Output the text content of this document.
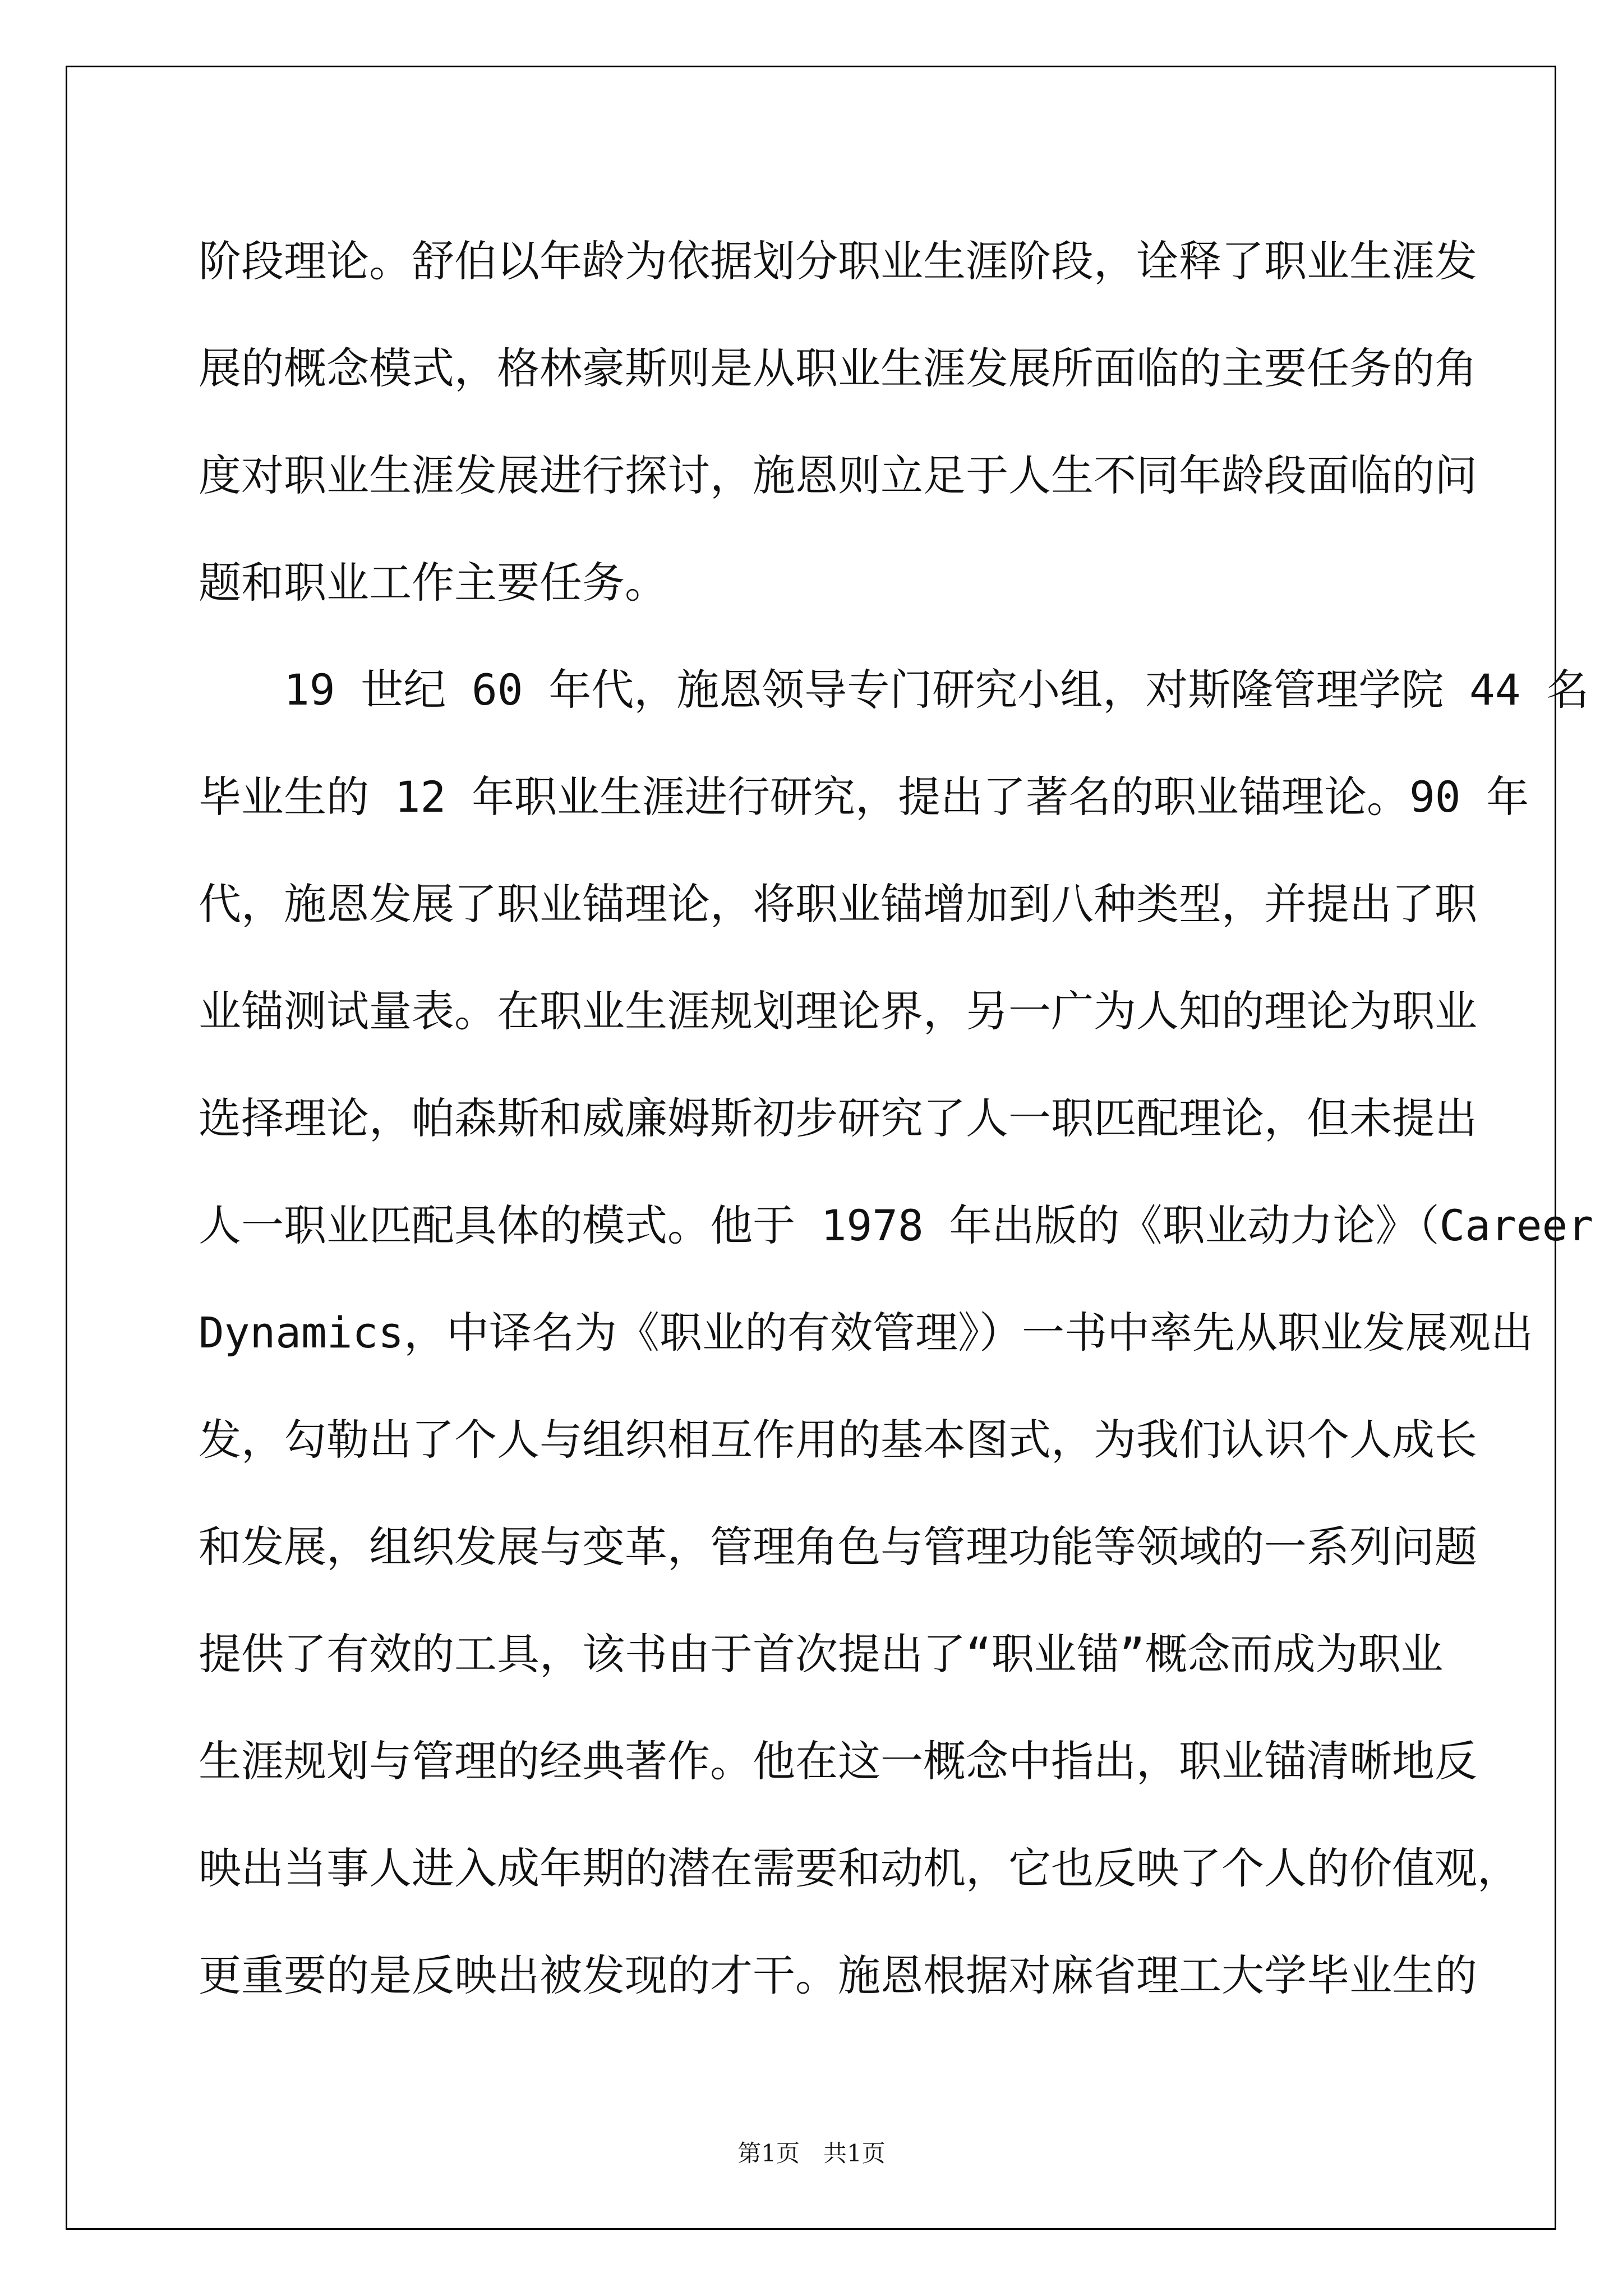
阶段理论。舒伯以年龄为依据划分职业生涯阶段，诠释了职业生涯发
展的概念模式，格林豪斯则是从职业生涯发展所面临的主要任务的角
度对职业生涯发展进行探讨，施恩则立足于人生不同年龄段面临的问
题和职业工作主要任务。
　　19 世纪 60 年代，施恩领导专门研究小组，对斯隆管理学院 44 名
毕业生的 12 年职业生涯进行研究，提出了著名的职业锚理论。90 年
代，施恩发展了职业锚理论，将职业锚增加到八种类型，并提出了职
业锚测试量表。在职业生涯规划理论界，另一广为人知的理论为职业
选择理论，帕森斯和威廉姆斯初步研究了人一职匹配理论，但未提出
人一职业匹配具体的模式。他于 1978 年出版的《职业动力论》（Career
Dynamics，中译名为《职业的有效管理》）一书中率先从职业发展观出
发，勾勒出了个人与组织相互作用的基本图式，为我们认识个人成长
和发展，组织发展与变革，管理角色与管理功能等领域的一系列问题
提供了有效的工具，该书由于首次提出了“职业锚”概念而成为职业
生涯规划与管理的经典著作。他在这一概念中指出，职业锚清晰地反
映出当事人进入成年期的潜在需要和动机，它也反映了个人的价值观，
更重要的是反映出被发现的才干。施恩根据对麻省理工大学毕业生的
第1页　共1页
